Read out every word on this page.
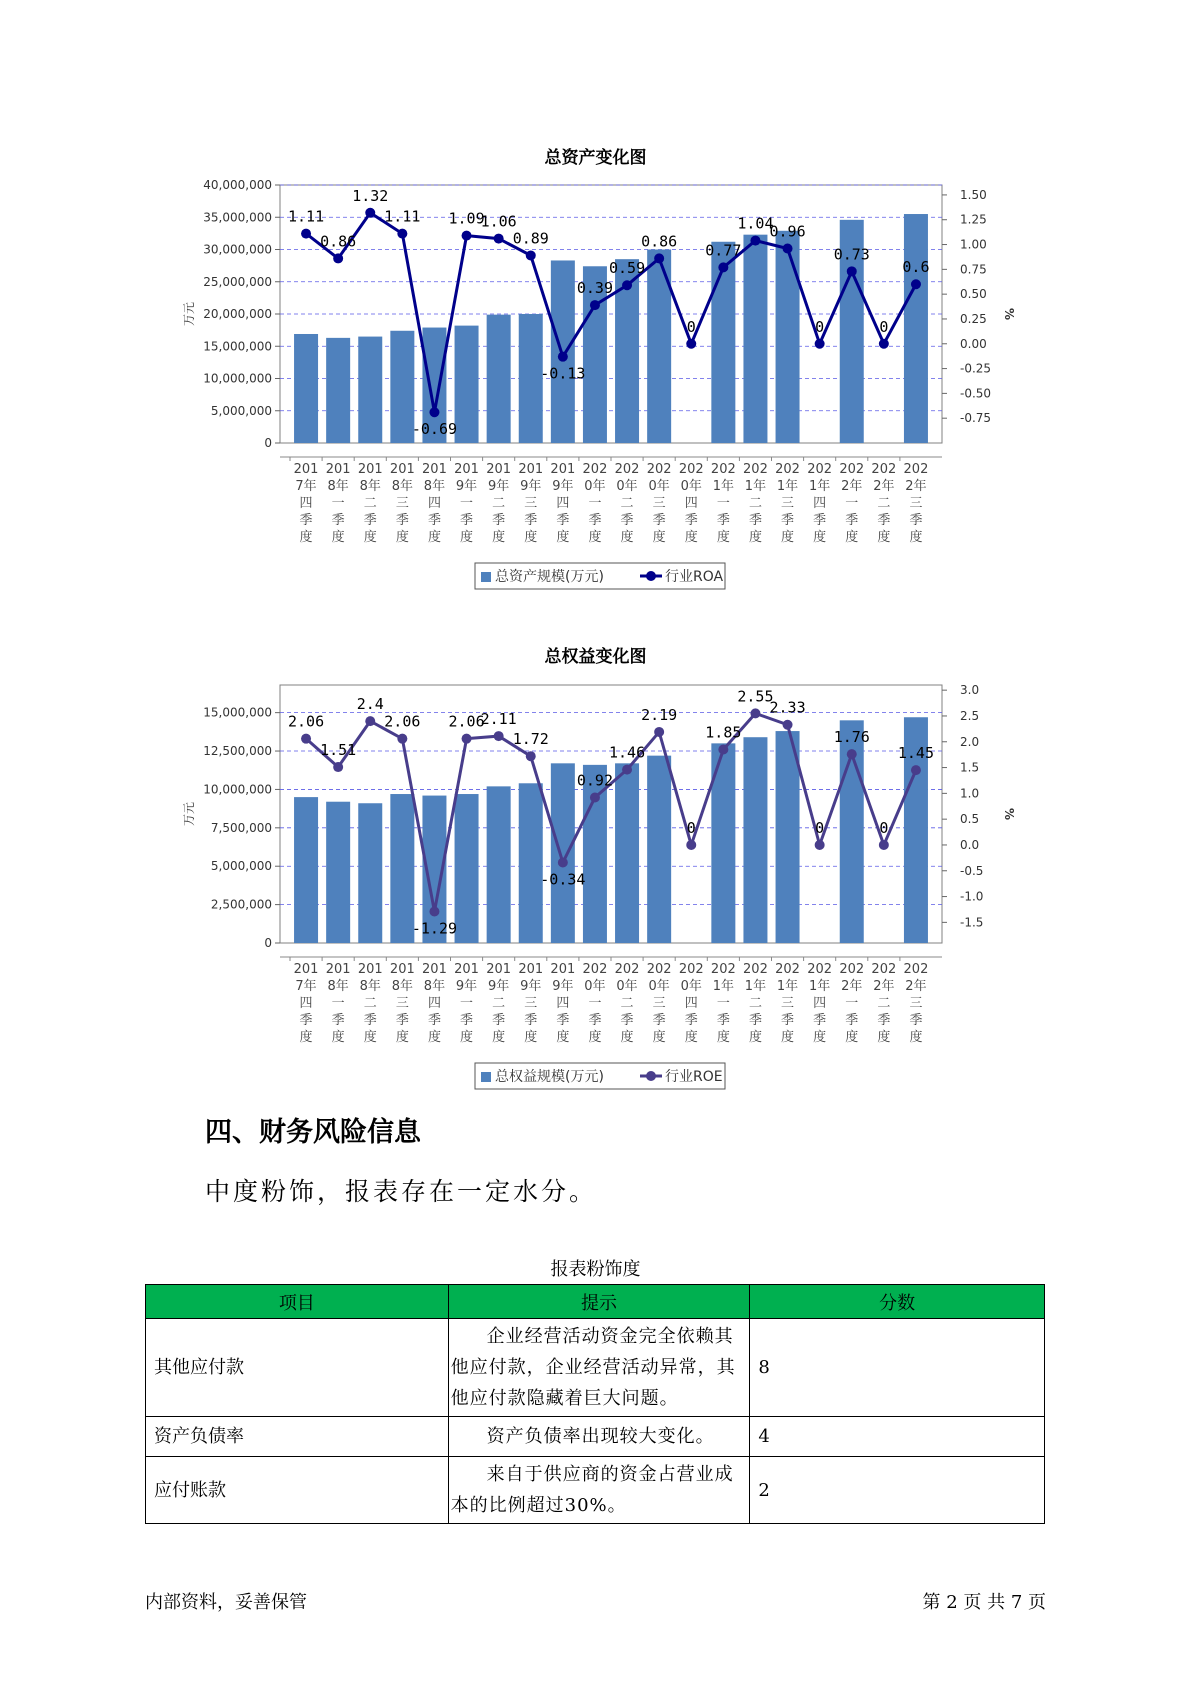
总资产变化图
0
5,000,000
10,000,000
15,000,000
20,000,000
25,000,000
30,000,000
35,000,000
40,000,000
-0.75
-0.50
-0.25
0.00
0.25
0.50
0.75
1.00
1.25
1.50
万元	%
1.11
0.86
1.32
1.11
-0.69
1.09
1.06
0.89
-0.13
0.39
0.59
0.86
0
0.77
1.04
0.96
0
0.73
0
0.6
201 7年四季度
201 8年一季度
201 8年二季度
201 8年三季度
201 8年四季度
201 9年一季度
201 9年二季度
201 9年三季度
201 9年四季度
202 0年一季度
202 0年二季度
202 0年三季度
202 0年四季度
202 1年一季度
202 1年二季度
202 1年三季度
202 1年四季度
202 2年一季度
202 2年二季度
202 2年三季度
总资产规模(万元)	行业ROA
总权益变化图
0
2,500,000
5,000,000
7,500,000
10,000,000
12,500,000
15,000,000
-1.5
-1.0
-0.5
0.0
0.5
1.0
1.5
2.0
2.5
3.0
万元	%
2.06
1.51
2.4
2.06
-1.29
2.06
2.11
1.72
-0.34
0.92
1.46
2.19
0
1.85
2.55
2.33
0
1.76
0
1.45
201 7年四季度
201 8年一季度
201 8年二季度
201 8年三季度
201 8年四季度
201 9年一季度
201 9年二季度
201 9年三季度
201 9年四季度
202 0年一季度
202 0年二季度
202 0年三季度
202 0年四季度
202 1年一季度
202 1年二季度
202 1年三季度
202 1年四季度
202 2年一季度
202 2年二季度
202 2年三季度
总权益规模(万元)	行业ROE
四、财务风险信息
中度粉饰，报表存在一定水分。
报表粉饰度
项目	提示	分数
其他应付款	企业经营活动资金完全依赖其他应付款，企业经营活动异常，其他应付款隐藏着巨大问题。	8
资产负债率	资产负债率出现较大变化。	4
应付账款	来自于供应商的资金占营业成本的比例超过30%。	2
内部资料，妥善保管	第 2 页 共 7 页
